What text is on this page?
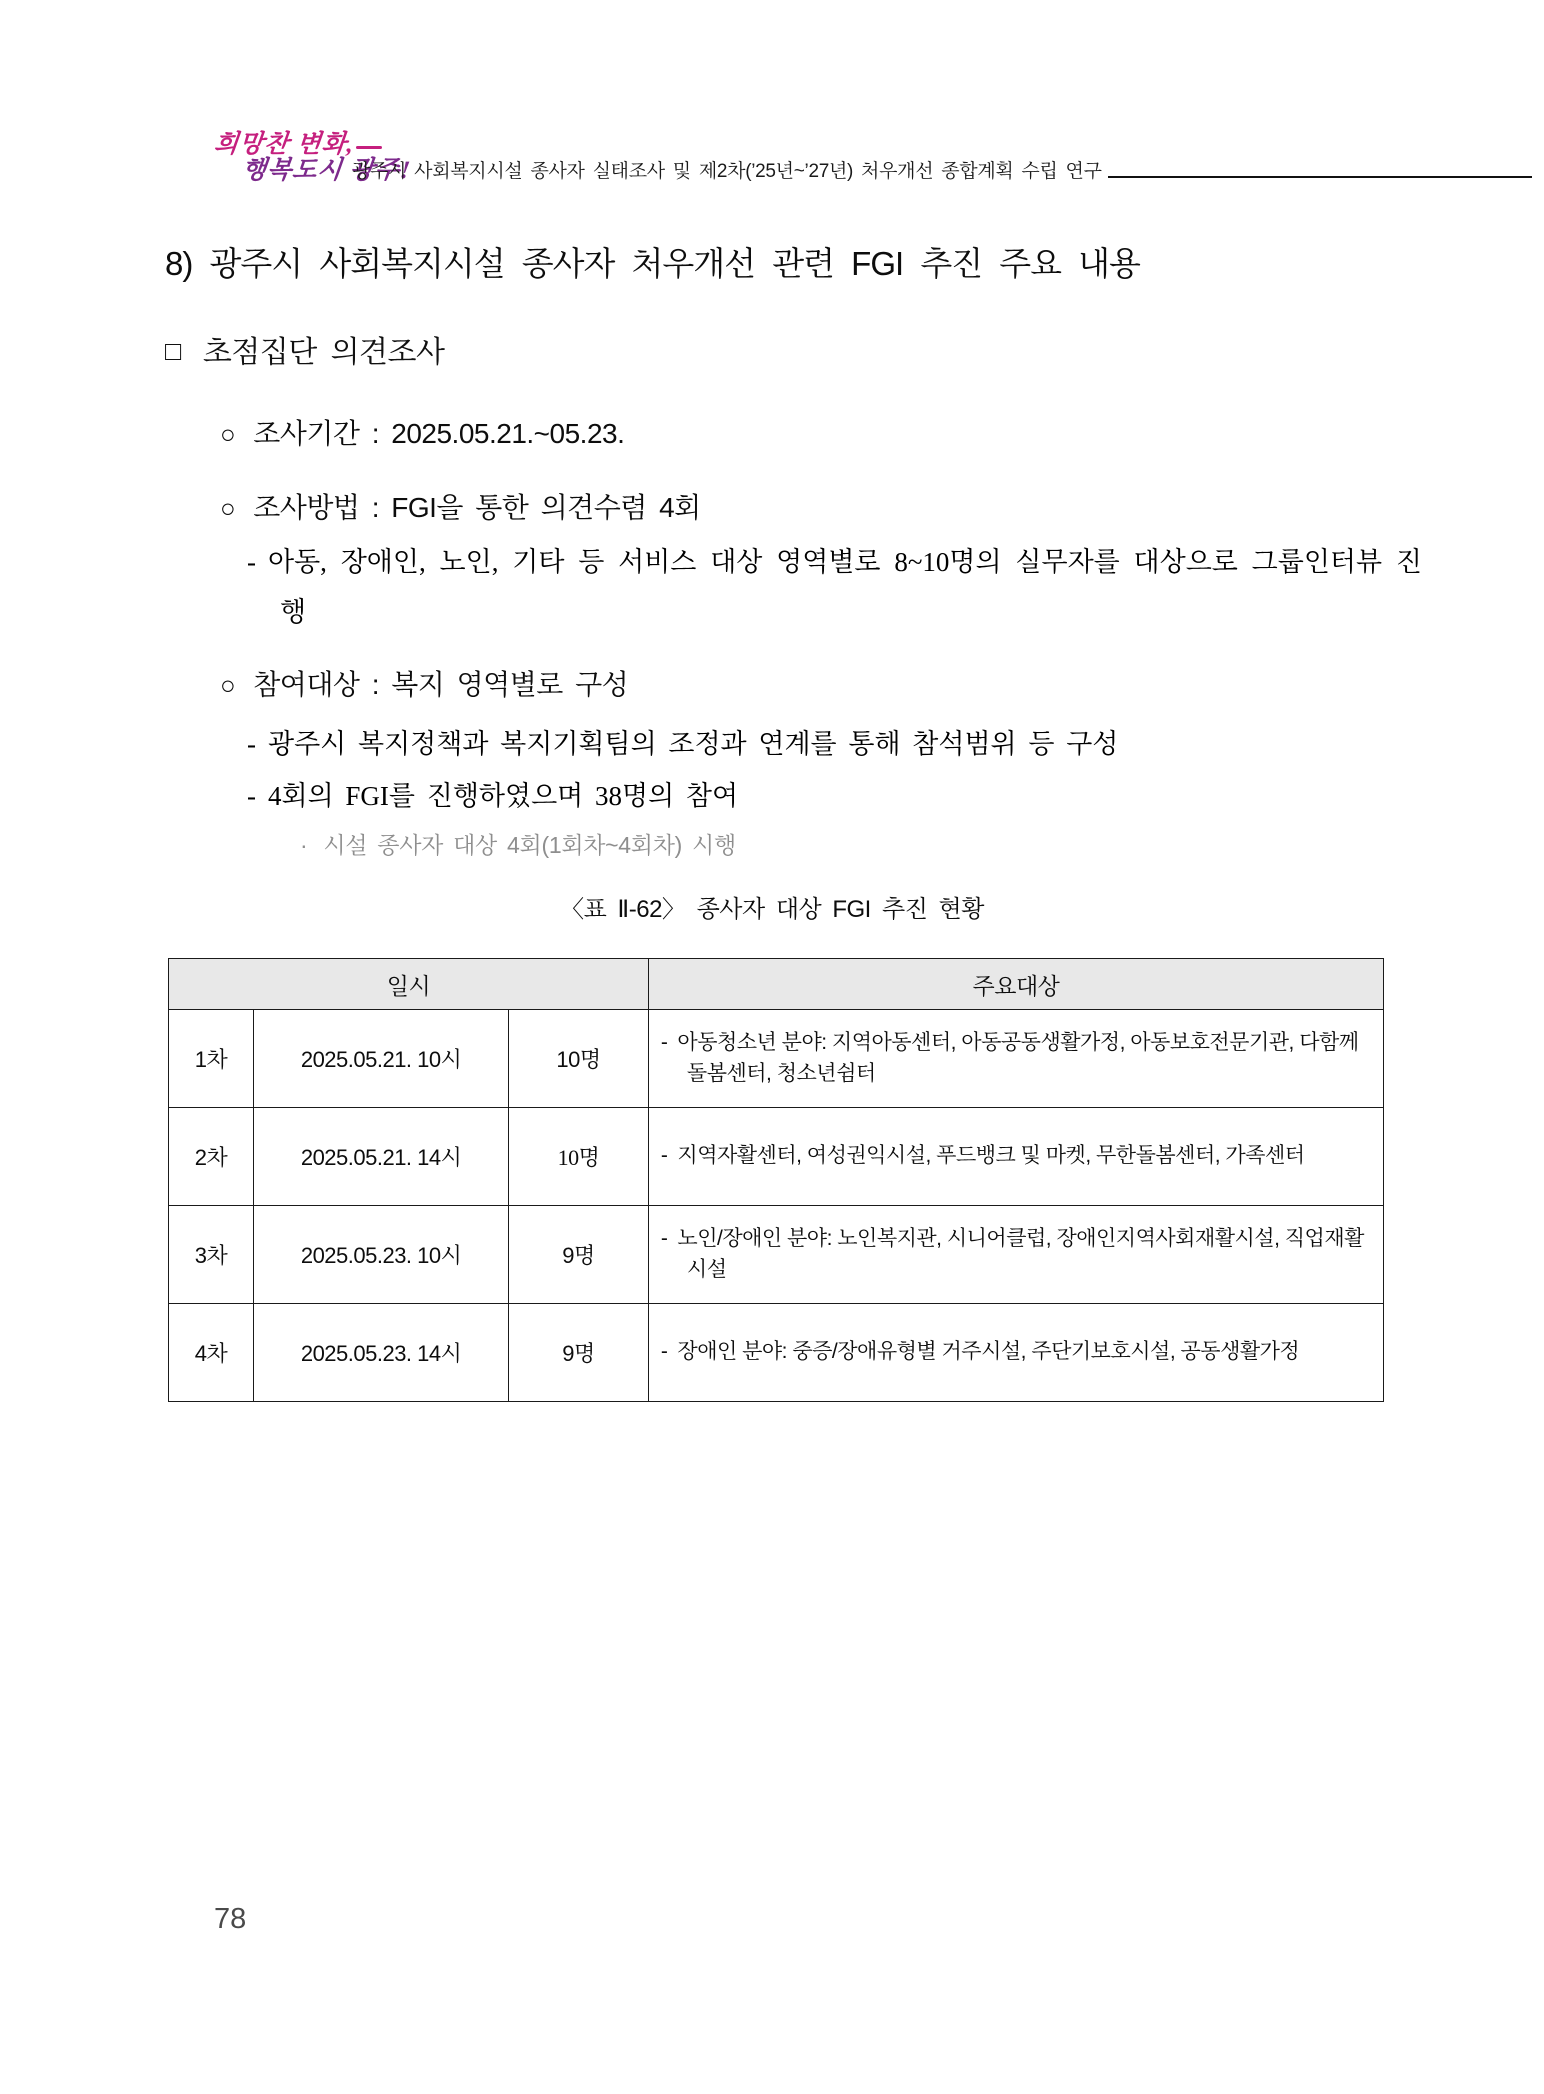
희망찬 변화,
행복도시 광주!
광주시 사회복지시설 종사자 실태조사 및 제2차(’25년~’27년) 처우개선 종합계획 수립 연구
8) 광주시 사회복지시설 종사자 처우개선 관련 FGI 추진 주요 내용
□ 초점집단 의견조사
○ 조사기간 : 2025.05.21.~05.23.
○ 조사방법 : FGI을 통한 의견수렴 4회
- 아동, 장애인, 노인, 기타 등 서비스 대상 영역별로 8~10명의 실무자를 대상으로 그룹인터뷰 진행
○ 참여대상 : 복지 영역별로 구성
- 광주시 복지정책과 복지기획팀의 조정과 연계를 통해 참석범위 등 구성
- 4회의 FGI를 진행하였으며 38명의 참여
· 시설 종사자 대상 4회(1회차~4회차) 시행
〈표 Ⅱ-62〉 종사자 대상 FGI 추진 현황
일시			주요대상
1차	2025.05.21. 10시	10명	- 아동청소년 분야: 지역아동센터, 아동공동생활가정, 아동보호전문기관, 다함께돌봄센터, 청소년쉼터

2차	2025.05.21. 14시	10명	- 지역자활센터, 여성권익시설, 푸드뱅크 및 마켓, 무한돌봄센터, 가족센터

3차	2025.05.23. 10시	9명	- 노인/장애인 분야: 노인복지관, 시니어클럽, 장애인지역사회재활시설, 직업재활시설

4차	2025.05.23. 14시	9명	- 장애인 분야: 중증/장애유형별 거주시설, 주단기보호시설, 공동생활가정
78
